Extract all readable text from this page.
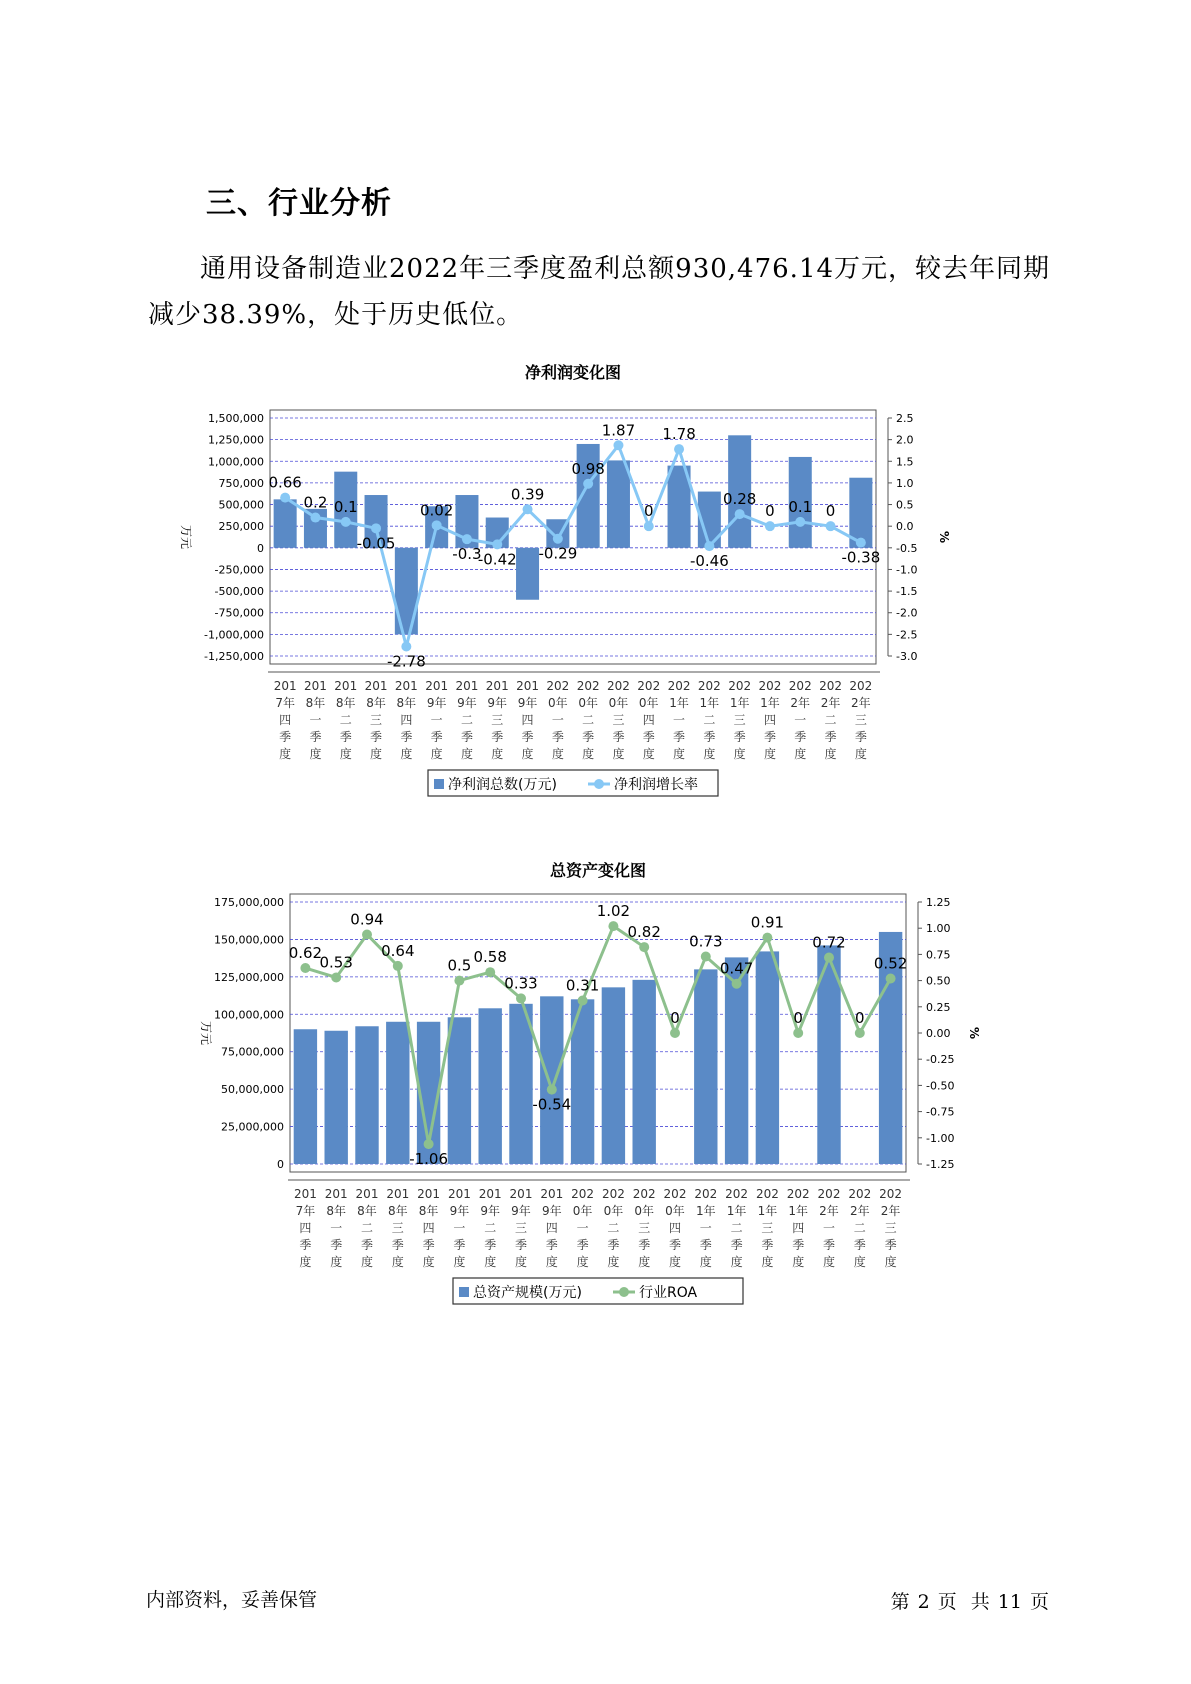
三、行业分析

通用设备制造业2022年三季度盈利总额930,476.14万元，较去年同期减少38.39%，处于历史低位。

净利润变化图
1,500,000
1,250,000
1,000,000
750,000
500,000
250,000
0
-250,000
-500,000
-750,000
-1,000,000
-1,250,000
万元
2.5
2.0
1.5
1.0
0.5
0.0
-0.5
-1.0
-1.5
-2.0
-2.5
-3.0
%
0.66
0.2 0.1
-0.05
-2.78
0.02
-0.3
-0.42
0.39
-0.29
0.98
1.87
0
1.78
-0.46
0.28
0 0.1 0
-0.38
201
7年
四
季
度
201
8年
一
季
度
201
8年
二
季
度
201
8年
三
季
度
201
8年
四
季
度
201
9年
一
季
度
201
9年
二
季
度
201
9年
三
季
度
201
9年
四
季
度
202
0年
一
季
度
202
0年
二
季
度
202
0年
三
季
度
202
0年
四
季
度
202
1年
一
季
度
202
1年
二
季
度
202
1年
三
季
度
202
1年
四
季
度
202
2年
一
季
度
202
2年
二
季
度
202
2年
三
季
度
净利润总数(万元)	净利润增长率
总资产变化图
175,000,000
150,000,000
125,000,000
100,000,000
75,000,000
50,000,000
25,000,000
0
万元
1.25
1.00
0.75
0.50
0.25
0.00
-0.25
-0.50
-0.75
-1.00
-1.25
%
0.62
0.53
0.94
0.64
-1.06
0.5 0.58
0.33
-0.54
0.31
1.02
0.82
0
0.73
0.47
0.91
0
0.72
0
0.52
201
7年
四
季
度
201
8年
一
季
度
201
8年
二
季
度
201
8年
三
季
度
201
8年
四
季
度
201
9年
一
季
度
201
9年
二
季
度
201
9年
三
季
度
201
9年
四
季
度
202
0年
一
季
度
202
0年
二
季
度
202
0年
三
季
度
202
0年
四
季
度
202
1年
一
季
度
202
1年
二
季
度
202
1年
三
季
度
202
1年
四
季
度
202
2年
一
季
度
202
2年
二
季
度
202
2年
三
季
度
总资产规模(万元)	行业ROA
内部资料，妥善保管	第 2 页 共 11 页
